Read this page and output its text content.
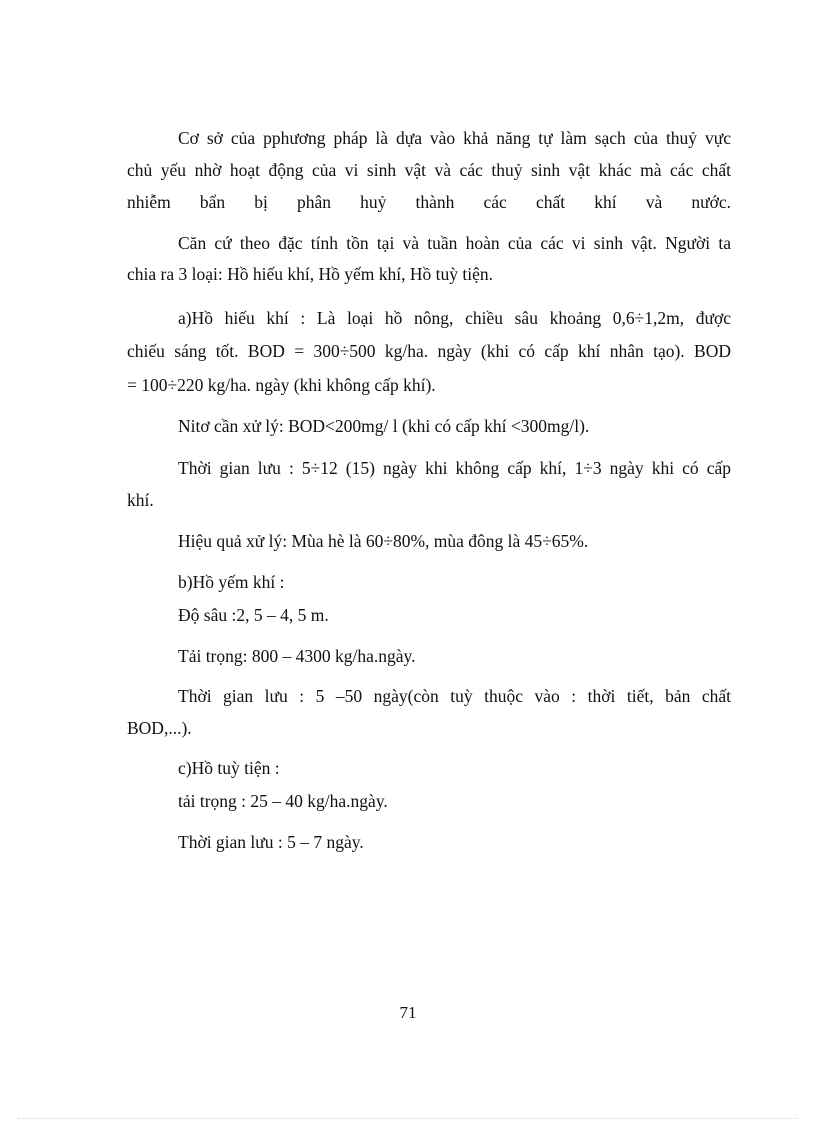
Cơ sở của pphương pháp là dựa vào khả năng tự làm sạch của thuỷ vực
chủ yếu nhờ hoạt động của vi sinh vật và các thuỷ sinh vật khác mà các chất
nhiễm bẩn bị phân huỷ thành các chất khí và nước.
Căn cứ theo đặc tính tồn tại và tuần hoàn của các vi sinh vật. Người ta
chia ra 3 loại: Hồ hiếu khí, Hồ yếm khí, Hồ tuỳ tiện.
a)Hồ hiếu khí : Là loại hồ nông, chiều sâu khoảng 0,6÷1,2m, được
chiếu sáng tốt. BOD = 300÷500 kg/ha. ngày (khi có cấp khí nhân tạo). BOD
= 100÷220 kg/ha. ngày (khi không cấp khí).
Nitơ cần xử lý: BOD<200mg/ l (khi có cấp khí <300mg/l).
Thời gian lưu : 5÷12 (15) ngày khi không cấp khí, 1÷3 ngày khi có cấp
khí.
Hiệu quả xử lý: Mùa hè là 60÷80%, mùa đông là 45÷65%.
b)Hồ yếm khí :
Độ sâu :2, 5 – 4, 5 m.
Tải trọng: 800 – 4300 kg/ha.ngày.
Thời gian lưu : 5 –50 ngày(còn tuỳ thuộc vào : thời tiết, bản chất
BOD,...).
c)Hồ tuỳ tiện :
tải trọng : 25 – 40 kg/ha.ngày.
Thời gian lưu : 5 – 7 ngày.
71
